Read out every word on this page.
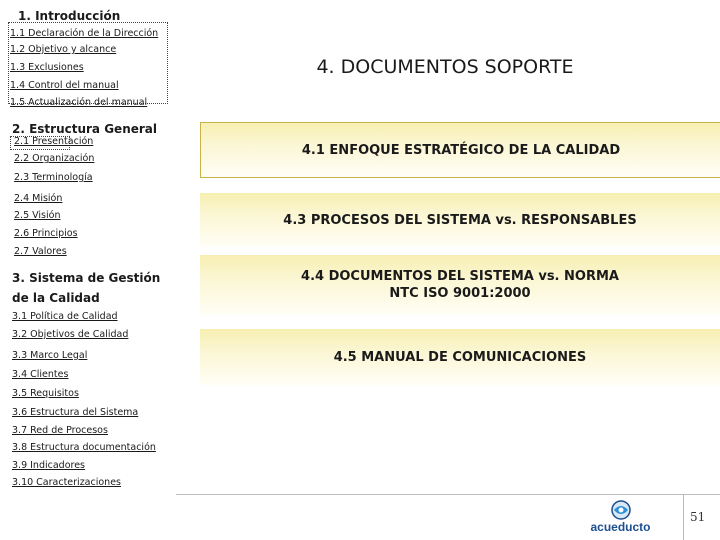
1. Introducción
1.1 Declaración de la Dirección
1.2 Objetivo y alcance
1.3 Exclusiones
1.4 Control del manual
1.5 Actualización del manual
2. Estructura General
2.1 Presentación
2.2 Organización
2.3 Terminología
2.4 Misión
2.5 Visión
2.6 Principios
2.7 Valores
3. Sistema de Gestión
de la Calidad
3.1 Política de Calidad
3.2 Objetivos de Calidad
3.3 Marco Legal
3.4 Clientes
3.5 Requisitos
3.6 Estructura del Sistema
3.7 Red de Procesos
3.8 Estructura documentación
3.9 Indicadores
3.10 Caracterizaciones
4. DOCUMENTOS SOPORTE
4.1 ENFOQUE ESTRATÉGICO DE LA CALIDAD
4.3 PROCESOS DEL SISTEMA vs. RESPONSABLES
4.4 DOCUMENTOS DEL SISTEMA vs. NORMA NTC ISO 9001:2000
4.5 MANUAL DE COMUNICACIONES
acueducto
51
